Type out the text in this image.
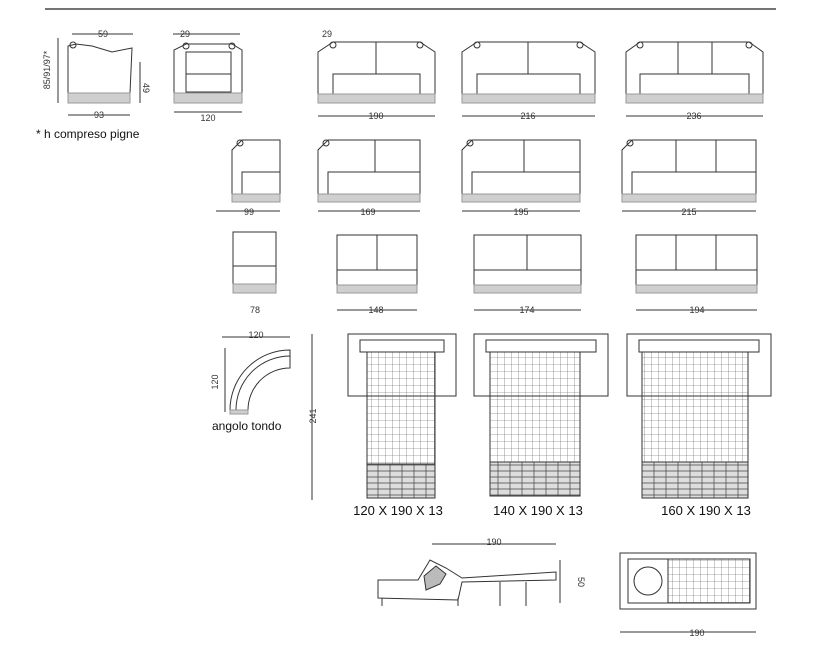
59
85/91/97*	49
93
* h compreso pigne
29
120
29
190	216	236
99	169	195	215
78	148	174	194
120
120
angolo tondo
241
120 X 190 X 13	140 X 190 X 13	160 X 190 X 13
190
50
190
